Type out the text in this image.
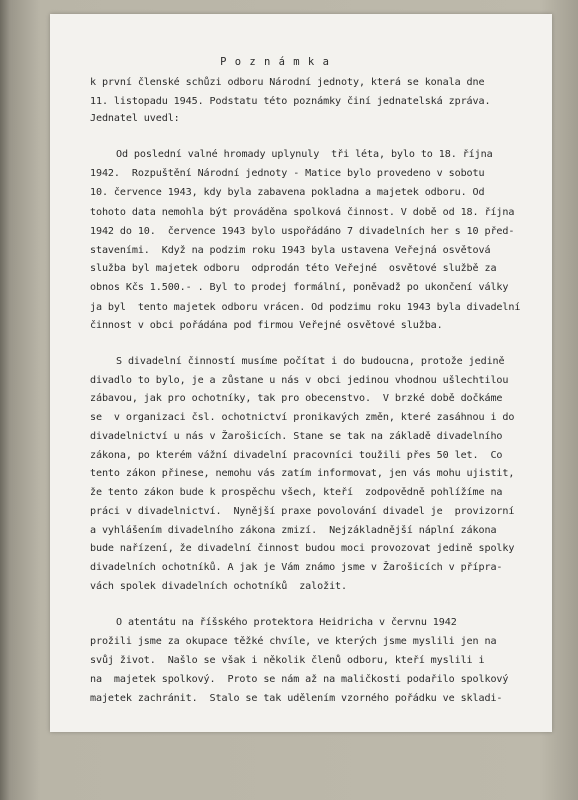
P o z n á m k a
k první členské schůzi odboru Národní jednoty, která se konala dne
11. listopadu 1945. Podstatu této poznámky činí jednatelská zpráva.
Jednatel uvedl:
Od poslední valné hromady uplynuly  tři léta, bylo to 18. října
1942.  Rozpuštění Národní jednoty - Matice bylo provedeno v sobotu
10. července 1943, kdy byla zabavena pokladna a majetek odboru. Od
tohoto data nemohla být prováděna spolková činnost. V době od 18. října
1942 do 10.  července 1943 bylo uspořádáno 7 divadelních her s 10 před-
staveními.  Když na podzim roku 1943 byla ustavena Veřejná osvětová
služba byl majetek odboru  odprodán této Veřejné  osvětové službě za
obnos Kčs 1.500.- . Byl to prodej formální, poněvadž po ukončení války
ja byl  tento majetek odboru vrácen. Od podzimu roku 1943 byla divadelní
činnost v obci pořádána pod firmou Veřejné osvětové služba.
S divadelní činností musíme počítat i do budoucna, protože jedině
divadlo to bylo, je a zůstane u nás v obci jedinou vhodnou ušlechtilou
zábavou, jak pro ochotníky, tak pro obecenstvo.  V brzké době dočkáme
se  v organizaci čsl. ochotnictví pronikavých změn, které zasáhnou i do
divadelnictví u nás v Žarošicích. Stane se tak na základě divadelního
zákona, po kterém vážní divadelní pracovníci toužili přes 50 let.  Co
tento zákon přinese, nemohu vás zatím informovat, jen vás mohu ujistit,
že tento zákon bude k prospěchu všech, kteří  zodpovědně pohlížíme na
práci v divadelnictví.  Nynější praxe povolování divadel je  provizorní
a vyhlášením divadelního zákona zmizí.  Nejzákladnější náplní zákona
bude nařízení, že divadelní činnost budou moci provozovat jedině spolky
divadelních ochotníků. A jak je Vám známo jsme v Žarošicích v přípra-
vách spolek divadelních ochotníků  založit.
O atentátu na říšského protektora Heidricha v červnu 1942
prožili jsme za okupace těžké chvíle, ve kterých jsme myslili jen na
svůj život.  Našlo se však i několik členů odboru, kteří myslili i
na  majetek spolkový.  Proto se nám až na maličkosti podařilo spolkový
majetek zachránit.  Stalo se tak udělením vzorného pořádku ve skladi-
